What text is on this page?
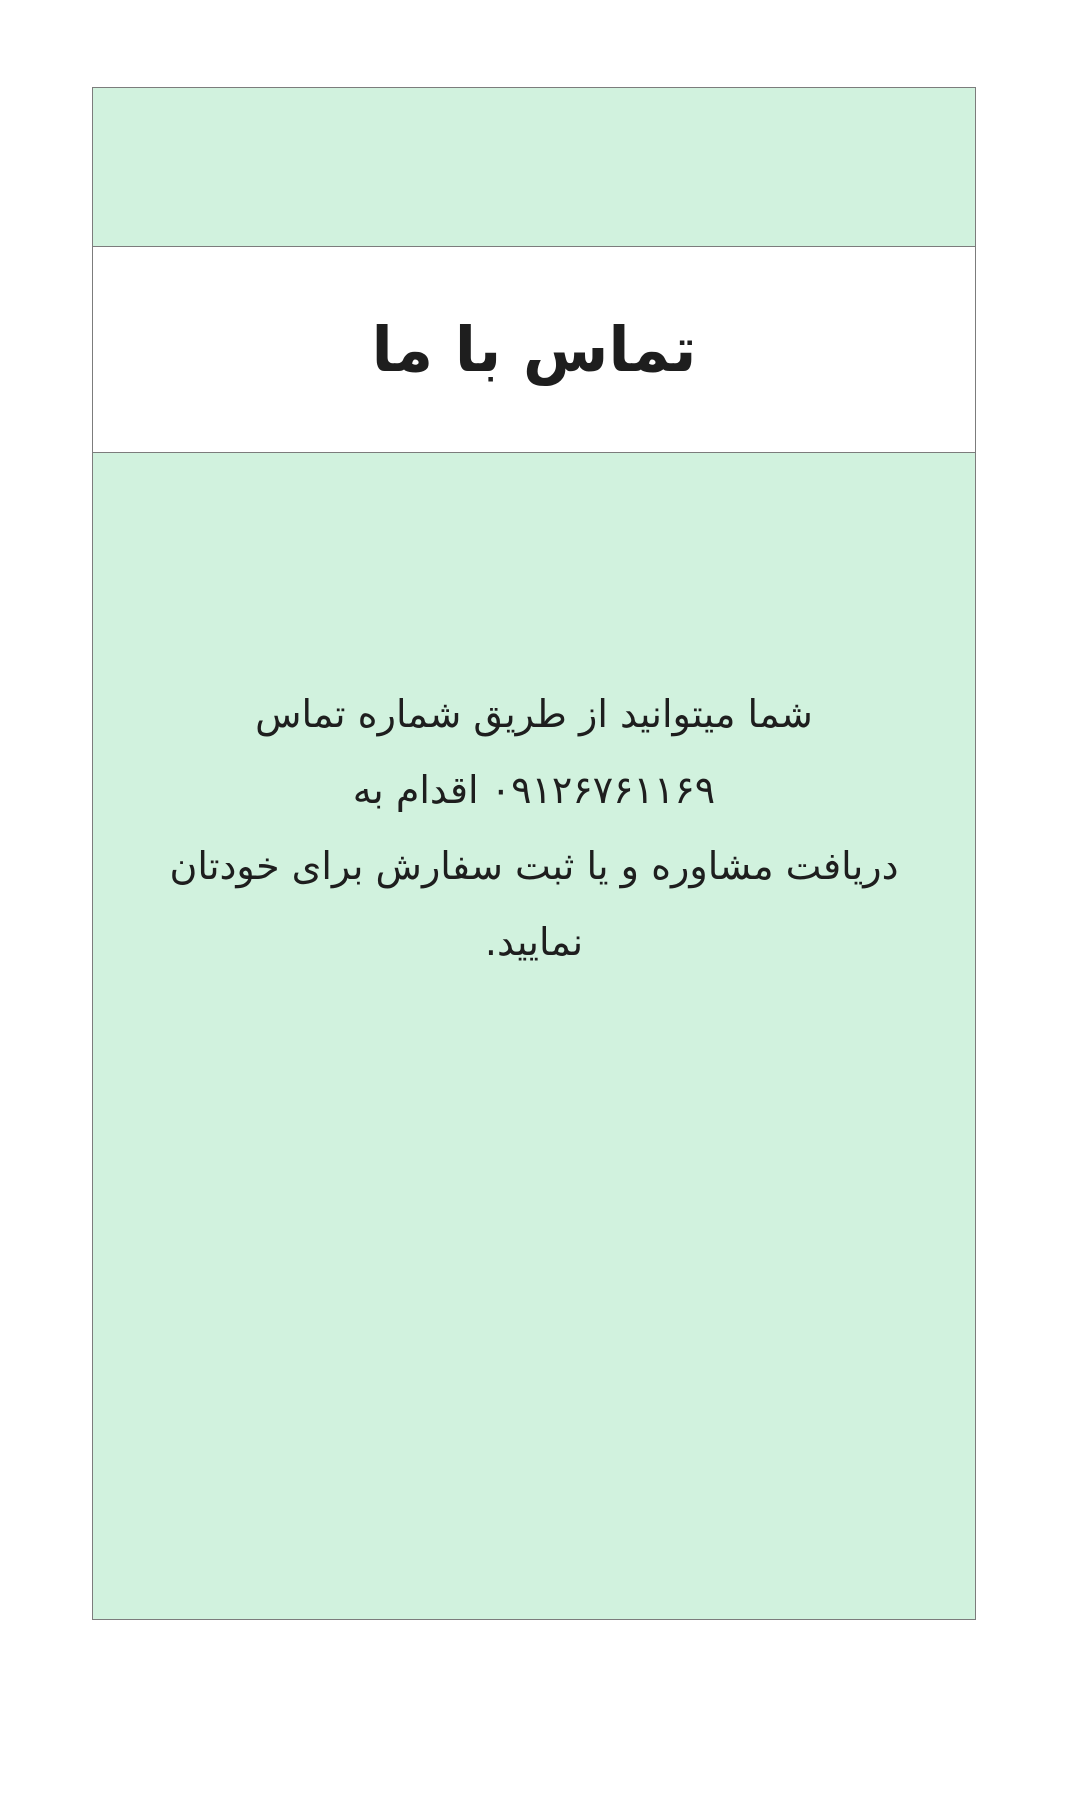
تماس با ما

شما میتوانید از طریق شماره تماس ۰۹۱۲۶۷۶۱۱۶۹ اقدام به
دریافت مشاوره و یا ثبت سفارش برای خودتان نمایید.
